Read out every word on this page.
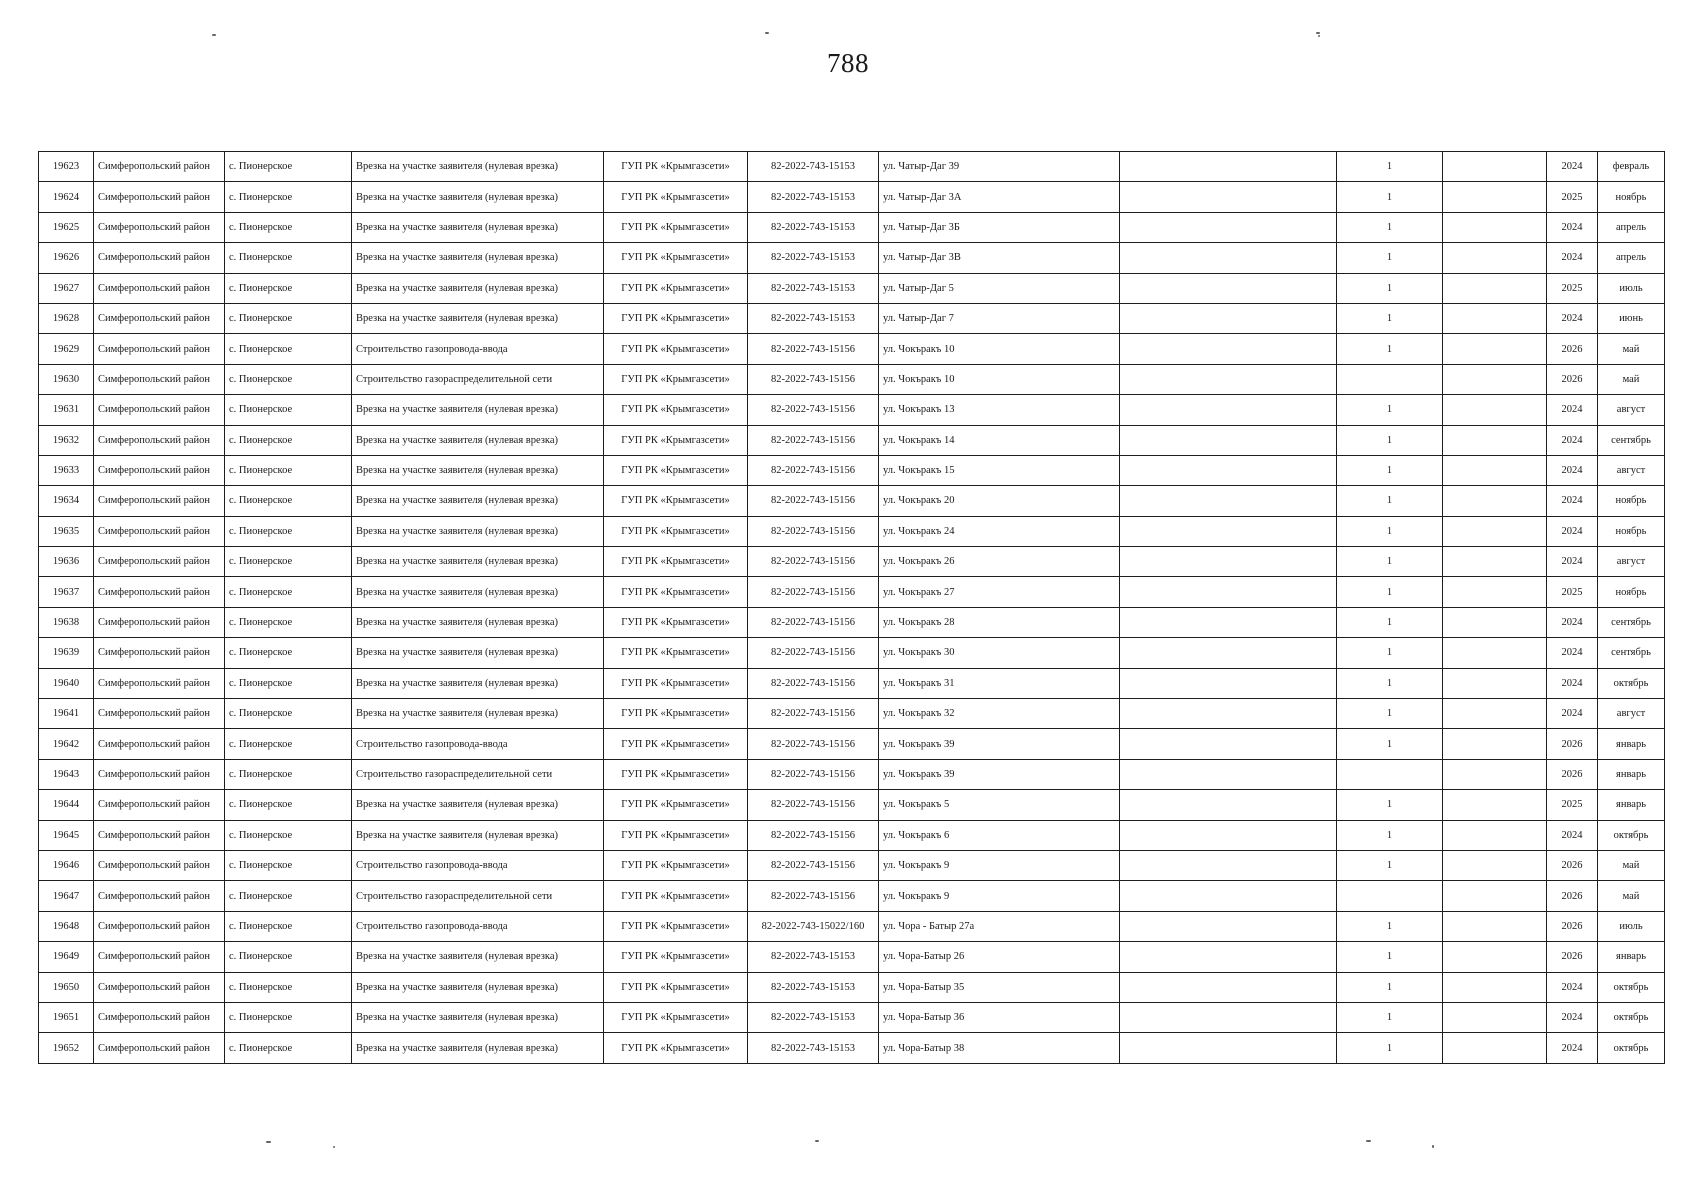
788
19623	Симферопольский район	с. Пионерское	Врезка на участке заявителя (нулевая врезка)	ГУП РК «Крымгазсети»	82-2022-743-15153	ул. Чатыр-Даг 39		1		2024	февраль
19624	Симферопольский район	с. Пионерское	Врезка на участке заявителя (нулевая врезка)	ГУП РК «Крымгазсети»	82-2022-743-15153	ул. Чатыр-Даг 3А		1		2025	ноябрь
19625	Симферопольский район	с. Пионерское	Врезка на участке заявителя (нулевая врезка)	ГУП РК «Крымгазсети»	82-2022-743-15153	ул. Чатыр-Даг 3Б		1		2024	апрель
19626	Симферопольский район	с. Пионерское	Врезка на участке заявителя (нулевая врезка)	ГУП РК «Крымгазсети»	82-2022-743-15153	ул. Чатыр-Даг 3В		1		2024	апрель
19627	Симферопольский район	с. Пионерское	Врезка на участке заявителя (нулевая врезка)	ГУП РК «Крымгазсети»	82-2022-743-15153	ул. Чатыр-Даг 5		1		2025	июль
19628	Симферопольский район	с. Пионерское	Врезка на участке заявителя (нулевая врезка)	ГУП РК «Крымгазсети»	82-2022-743-15153	ул. Чатыр-Даг 7		1		2024	июнь
19629	Симферопольский район	с. Пионерское	Строительство газопровода-ввода	ГУП РК «Крымгазсети»	82-2022-743-15156	ул. Чокъракъ 10		1		2026	май
19630	Симферопольский район	с. Пионерское	Строительство газораспределительной сети	ГУП РК «Крымгазсети»	82-2022-743-15156	ул. Чокъракъ 10				2026	май
19631	Симферопольский район	с. Пионерское	Врезка на участке заявителя (нулевая врезка)	ГУП РК «Крымгазсети»	82-2022-743-15156	ул. Чокъракъ 13		1		2024	август
19632	Симферопольский район	с. Пионерское	Врезка на участке заявителя (нулевая врезка)	ГУП РК «Крымгазсети»	82-2022-743-15156	ул. Чокъракъ 14		1		2024	сентябрь
19633	Симферопольский район	с. Пионерское	Врезка на участке заявителя (нулевая врезка)	ГУП РК «Крымгазсети»	82-2022-743-15156	ул. Чокъракъ 15		1		2024	август
19634	Симферопольский район	с. Пионерское	Врезка на участке заявителя (нулевая врезка)	ГУП РК «Крымгазсети»	82-2022-743-15156	ул. Чокъракъ 20		1		2024	ноябрь
19635	Симферопольский район	с. Пионерское	Врезка на участке заявителя (нулевая врезка)	ГУП РК «Крымгазсети»	82-2022-743-15156	ул. Чокъракъ 24		1		2024	ноябрь
19636	Симферопольский район	с. Пионерское	Врезка на участке заявителя (нулевая врезка)	ГУП РК «Крымгазсети»	82-2022-743-15156	ул. Чокъракъ 26		1		2024	август
19637	Симферопольский район	с. Пионерское	Врезка на участке заявителя (нулевая врезка)	ГУП РК «Крымгазсети»	82-2022-743-15156	ул. Чокъракъ 27		1		2025	ноябрь
19638	Симферопольский район	с. Пионерское	Врезка на участке заявителя (нулевая врезка)	ГУП РК «Крымгазсети»	82-2022-743-15156	ул. Чокъракъ 28		1		2024	сентябрь
19639	Симферопольский район	с. Пионерское	Врезка на участке заявителя (нулевая врезка)	ГУП РК «Крымгазсети»	82-2022-743-15156	ул. Чокъракъ 30		1		2024	сентябрь
19640	Симферопольский район	с. Пионерское	Врезка на участке заявителя (нулевая врезка)	ГУП РК «Крымгазсети»	82-2022-743-15156	ул. Чокъракъ 31		1		2024	октябрь
19641	Симферопольский район	с. Пионерское	Врезка на участке заявителя (нулевая врезка)	ГУП РК «Крымгазсети»	82-2022-743-15156	ул. Чокъракъ 32		1		2024	август
19642	Симферопольский район	с. Пионерское	Строительство газопровода-ввода	ГУП РК «Крымгазсети»	82-2022-743-15156	ул. Чокъракъ 39		1		2026	январь
19643	Симферопольский район	с. Пионерское	Строительство газораспределительной сети	ГУП РК «Крымгазсети»	82-2022-743-15156	ул. Чокъракъ 39				2026	январь
19644	Симферопольский район	с. Пионерское	Врезка на участке заявителя (нулевая врезка)	ГУП РК «Крымгазсети»	82-2022-743-15156	ул. Чокъракъ 5		1		2025	январь
19645	Симферопольский район	с. Пионерское	Врезка на участке заявителя (нулевая врезка)	ГУП РК «Крымгазсети»	82-2022-743-15156	ул. Чокъракъ 6		1		2024	октябрь
19646	Симферопольский район	с. Пионерское	Строительство газопровода-ввода	ГУП РК «Крымгазсети»	82-2022-743-15156	ул. Чокъракъ 9		1		2026	май
19647	Симферопольский район	с. Пионерское	Строительство газораспределительной сети	ГУП РК «Крымгазсети»	82-2022-743-15156	ул. Чокъракъ 9				2026	май
19648	Симферопольский район	с. Пионерское	Строительство газопровода-ввода	ГУП РК «Крымгазсети»	82-2022-743-15022/160	ул. Чора - Батыр 27а		1		2026	июль
19649	Симферопольский район	с. Пионерское	Врезка на участке заявителя (нулевая врезка)	ГУП РК «Крымгазсети»	82-2022-743-15153	ул. Чора-Батыр 26		1		2026	январь
19650	Симферопольский район	с. Пионерское	Врезка на участке заявителя (нулевая врезка)	ГУП РК «Крымгазсети»	82-2022-743-15153	ул. Чора-Батыр 35		1		2024	октябрь
19651	Симферопольский район	с. Пионерское	Врезка на участке заявителя (нулевая врезка)	ГУП РК «Крымгазсети»	82-2022-743-15153	ул. Чора-Батыр 36		1		2024	октябрь
19652	Симферопольский район	с. Пионерское	Врезка на участке заявителя (нулевая врезка)	ГУП РК «Крымгазсети»	82-2022-743-15153	ул. Чора-Батыр 38		1		2024	октябрь
